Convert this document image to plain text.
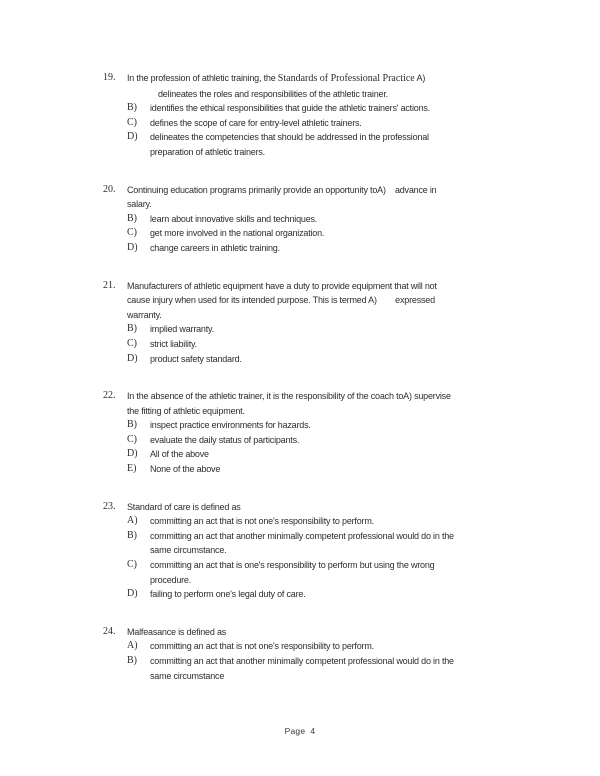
19.	In the profession of athletic training, the Standards of Professional Practice A)
delineates the roles and responsibilities of the athletic trainer.
B)	identifies the ethical responsibilities that guide the athletic trainers' actions.
C)	defines the scope of care for entry-level athletic trainers.
D)	delineates the competencies that should be addressed in the professional
preparation of athletic trainers.
20.	Continuing education programs primarily provide an opportunity toA)    advance in
salary.
B)	learn about innovative skills and techniques.
C)	get more involved in the national organization.
D)	change careers in athletic training.
21.	Manufacturers of athletic equipment have a duty to provide equipment that will not
cause injury when used for its intended purpose. This is termed A)        expressed
warranty.
B)	implied warranty.
C)	strict liability.
D)	product safety standard.
22.	In the absence of the athletic trainer, it is the responsibility of the coach toA) supervise
the fitting of athletic equipment.
B)	inspect practice environments for hazards.
C)	evaluate the daily status of participants.
D)	All of the above
E)	None of the above
23.	Standard of care is defined as
A)	committing an act that is not one's responsibility to perform.
B)	committing an act that another minimally competent professional would do in the
same circumstance.
C)	committing an act that is one's responsibility to perform but using the wrong
procedure.
D)	failing to perform one's legal duty of care.
24.	Malfeasance is defined as
A)	committing an act that is not one's responsibility to perform.
B)	committing an act that another minimally competent professional would do in the
same circumstance
Page  4
